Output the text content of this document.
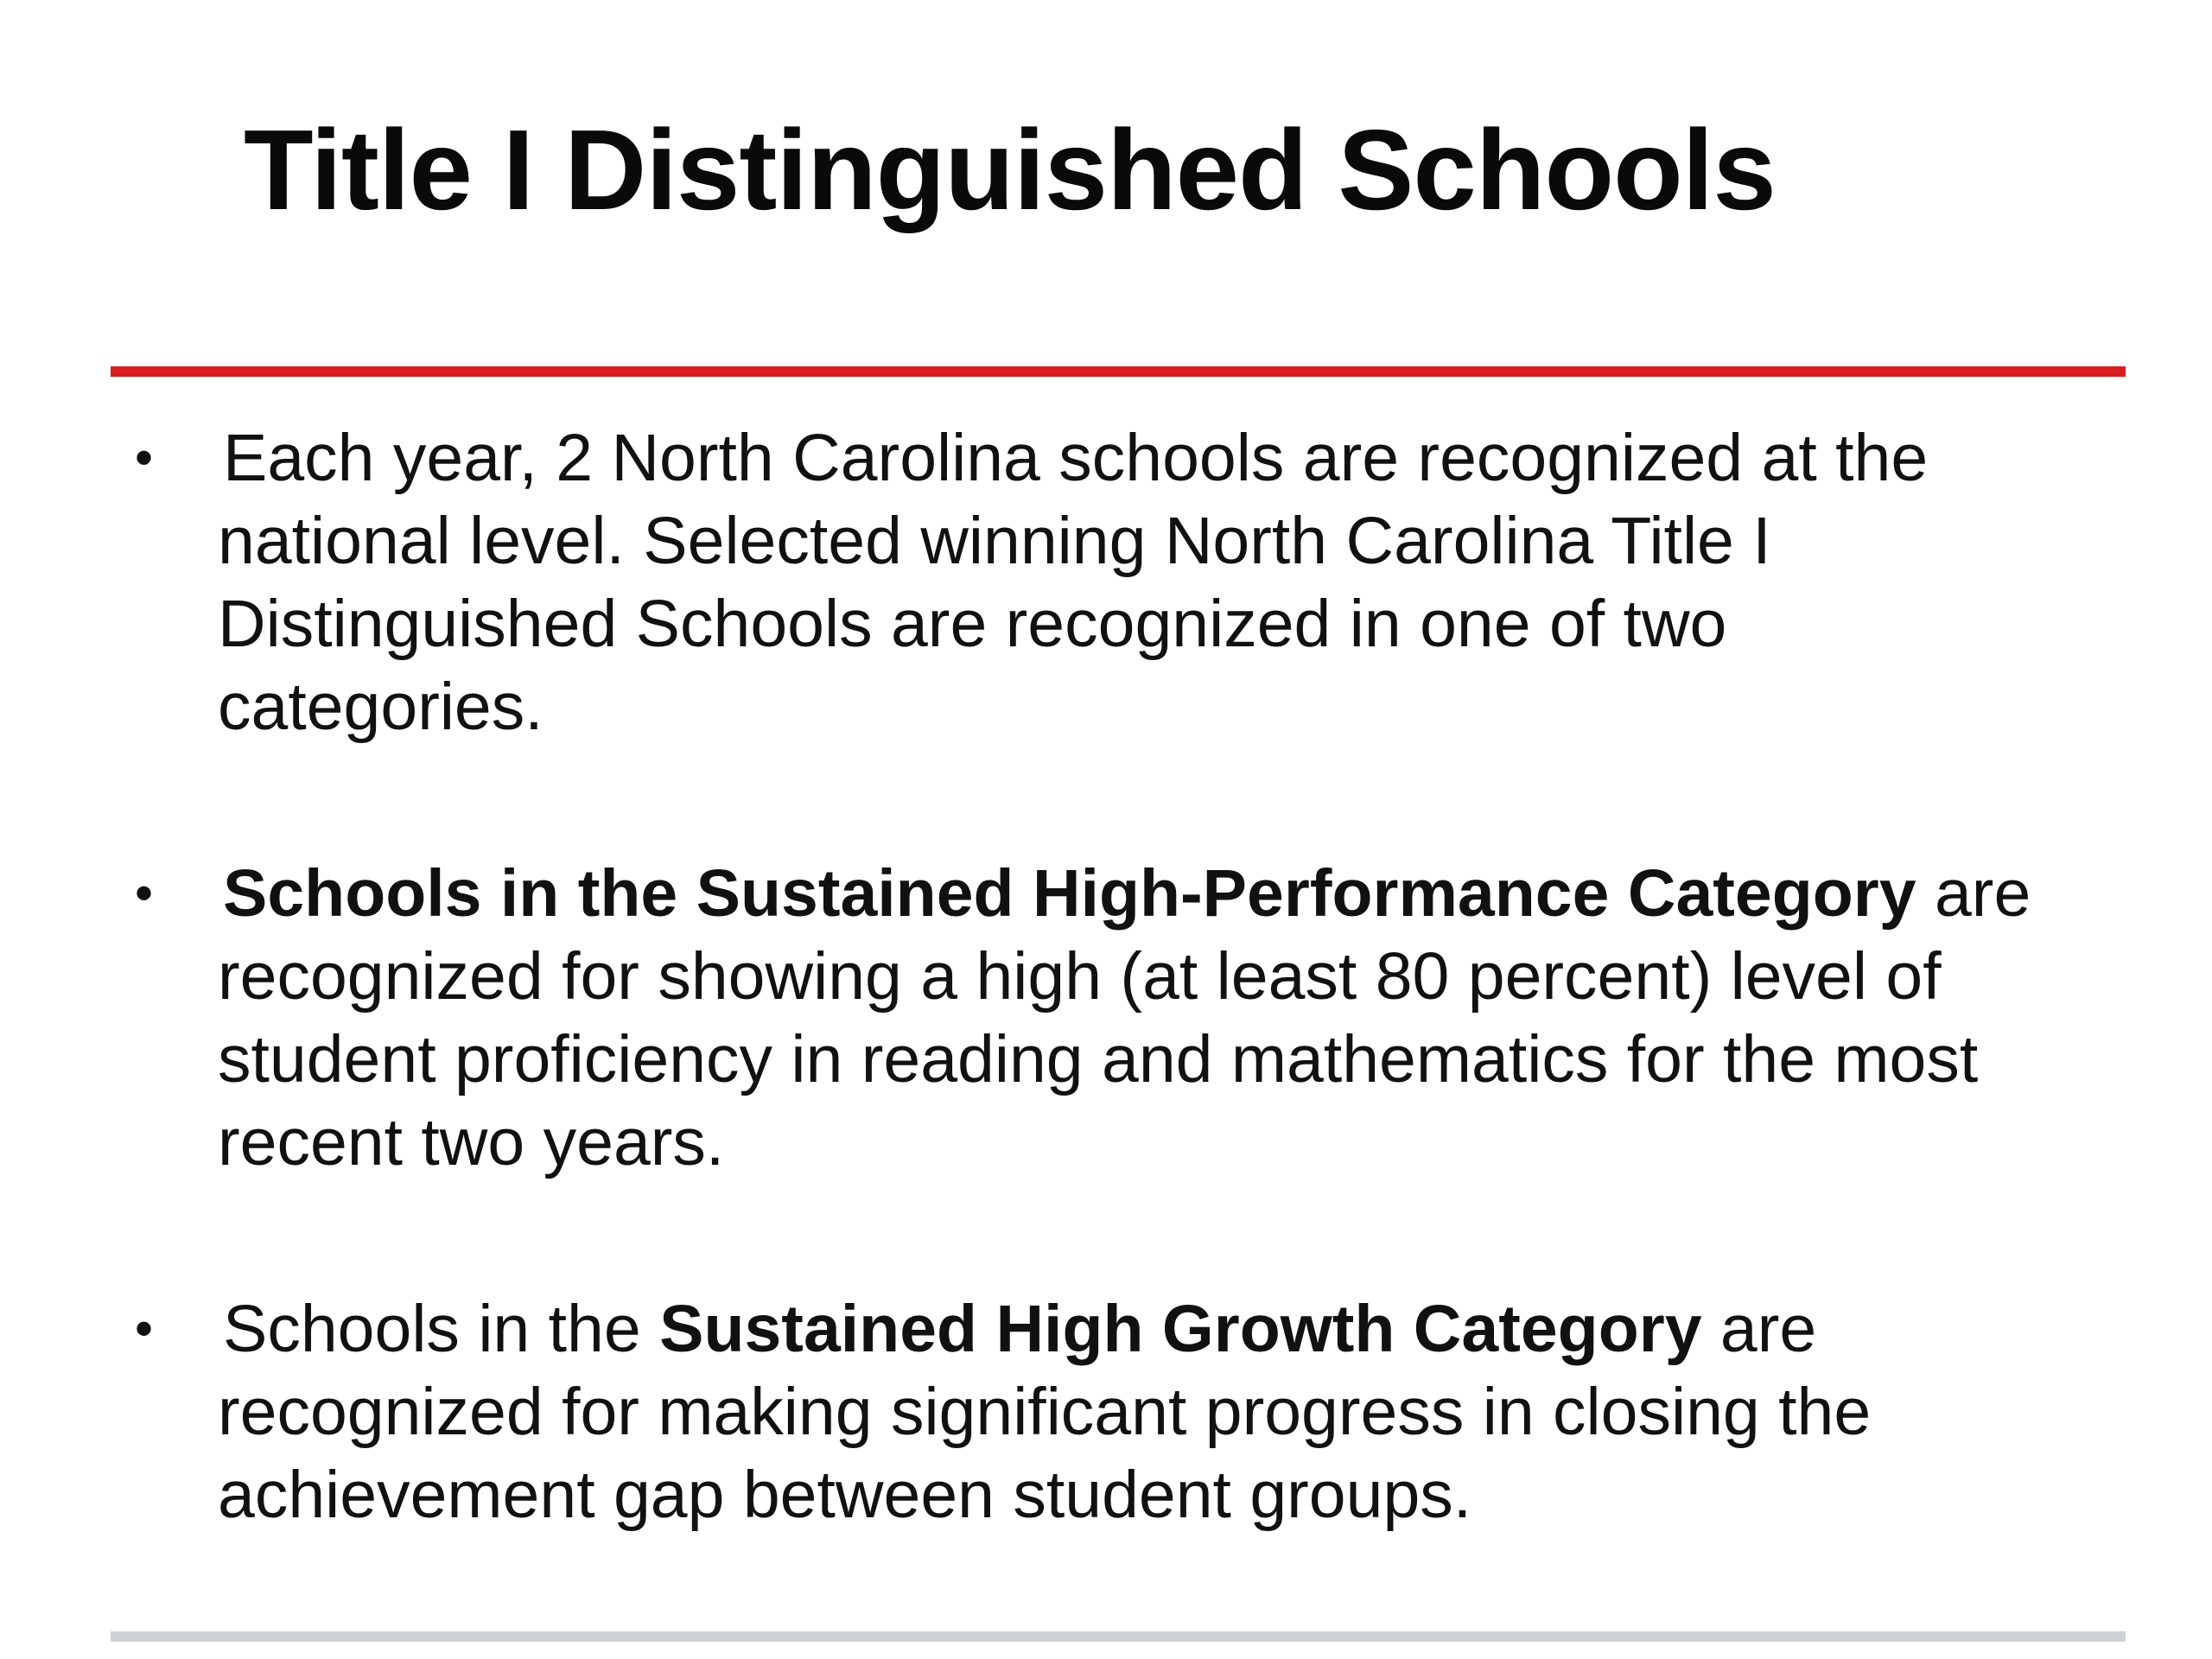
Title I Distinguished Schools
• Each year, 2 North Carolina schools are recognized at the
national level. Selected winning North Carolina Title I
Distinguished Schools are recognized in one of two
categories.
• Schools in the Sustained High-Performance Category are
recognized for showing a high (at least 80 percent) level of
student proficiency in reading and mathematics for the most
recent two years.
• Schools in the Sustained High Growth Category are
recognized for making significant progress in closing the
achievement gap between student groups.
